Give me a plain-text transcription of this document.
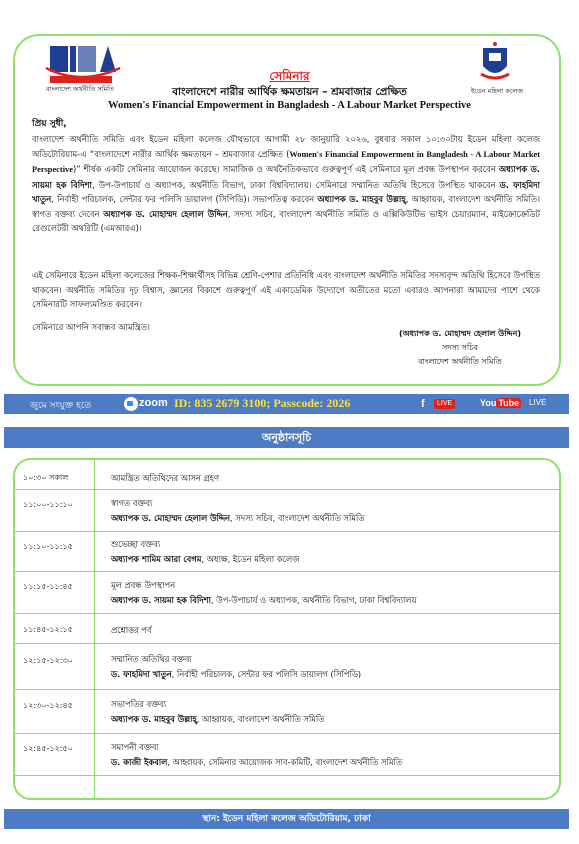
বাংলাদেশ অর্থনীতি সমিতি	ইডেন মহিলা কলেজ
সেমিনার
বাংলাদেশে নারীর আর্থিক ক্ষমতায়ন – শ্রমবাজার প্রেক্ষিত
Women's Financial Empowerment in Bangladesh - A Labour Market Perspective
প্রিয় সুধী,

বাংলাদেশ অর্থনীতি সমিতি এবং ইডেন মহিলা কলেজ যৌথভাবে আগামী ২৮ জানুয়ারি ২০২৬, বুধবার সকাল ১০:৩০টায় ইডেন মহিলা কলেজ অডিটোরিয়াম-এ “বাংলাদেশে নারীর আর্থিক ক্ষমতায়ন – শ্রমবাজার প্রেক্ষিত (Women's Financial Empowerment in Bangladesh - A Labour Market Perspective)” শীর্ষক একটি সেমিনার আয়োজন করেছে। সামাজিক ও অর্থনৈতিকভাবে গুরুত্বপূর্ণ এই সেমিনারে মূল প্রবন্ধ উপস্থাপন করবেন অধ্যাপক ড. সায়মা হক বিদিশা, উপ-উপাচার্য ও অধ্যাপক, অর্থনীতি বিভাগ, ঢাকা বিশ্ববিদ্যালয়। সেমিনারে সম্মানিত অতিথি হিসেবে উপস্থিত থাকবেন ড. ফাহমিদা খাতুন, নির্বাহী পরিচালক, সেন্টার ফর পলিসি ডায়ালগ (সিপিডি)। সভাপতিত্ব করবেন অধ্যাপক ড. মাহবুব উল্লাহ্, আহ্বায়ক, বাংলাদেশ অর্থনীতি সমিতি। স্বাগত বক্তব্য দেবেন অধ্যাপক ড. মোহাম্মদ হেলাল উদ্দিন, সদস্য সচিব, বাংলাদেশ অর্থনীতি সমিতি ও এক্সিকিউটিভ ভাইস চেয়ারম্যান, মাইক্রোক্রেডিট রেগুলেটরী অথরিটি (এমআরএ)।

এই সেমিনারে ইডেন মহিলা কলেজের শিক্ষক-শিক্ষার্থীসহ বিভিন্ন শ্রেণি-পেশার প্রতিনিধি এবং বাংলাদেশ অর্থনীতি সমিতির সদস্যবৃন্দ অতিথি হিসেবে উপস্থিত থাকবেন। অর্থনীতি সমিতির দৃঢ় বিশ্বাস, জ্ঞানের বিকাশে গুরুত্বপূর্ণ এই একাডেমিক উদ্যোগে অতীতের মতো এবারও আপনারা আমাদের পাশে থেকে সেমিনারটি সাফল্যমণ্ডিত করবেন।

সেমিনারে আপনি সবান্ধব আমন্ত্রিত।

(অধ্যাপক ড. মোহাম্মদ হেলাল উদ্দিন)
সদস্য সচিব
বাংলাদেশ অর্থনীতি সমিতি
জুমে সংযুক্ত হতে	zoom ID: 835 2679 3100; Passcode: 2026	f	LIVE	You Tube	LIVE
অনুষ্ঠানসূচি
১০:৩০ সকাল	আমন্ত্রিত অতিথিদের আসন গ্রহণ
১১:০০-১১:১০	স্বাগত বক্তব্য
অধ্যাপক ড. মোহাম্মদ হেলাল উদ্দিন, সদস্য সচিব, বাংলাদেশ অর্থনীতি সমিতি
১১:১০-১১:১৫	শুভেচ্ছা বক্তব্য
অধ্যাপক শামিম আরা বেগম, অধ্যক্ষ, ইডেন মহিলা কলেজ
১১:১৫-১১:৪৫	মূল প্রবন্ধ উপস্থাপন
অধ্যাপক ড. সায়মা হক বিদিশা, উপ-উপাচার্য ও অধ্যাপক, অর্থনীতি বিভাগ, ঢাকা বিশ্ববিদ্যালয়
১১:৪৫-১২:১৫	প্রশ্নোত্তর পর্ব
১২:১৫-১২:৩০	সম্মানিত অতিথির বক্তব্য
ড. ফাহমিদা খাতুন, নির্বাহী পরিচালক, সেন্টার ফর পলিসি ডায়ালগ (সিপিডি)
১২:৩০-১২:৪৫	সভাপতির বক্তব্য
অধ্যাপক ড. মাহবুব উল্লাহ্, আহ্বায়ক, বাংলাদেশ অর্থনীতি সমিতি
১২:৪৫-১২:৫০	সমাপনী বক্তব্য
ড. কাজী ইকবাল, আহ্বায়ক, সেমিনার আয়োজক সাব-কমিটি, বাংলাদেশ অর্থনীতি সমিতি
স্থান: ইডেন মহিলা কলেজ অডিটোরিয়াম, ঢাকা
